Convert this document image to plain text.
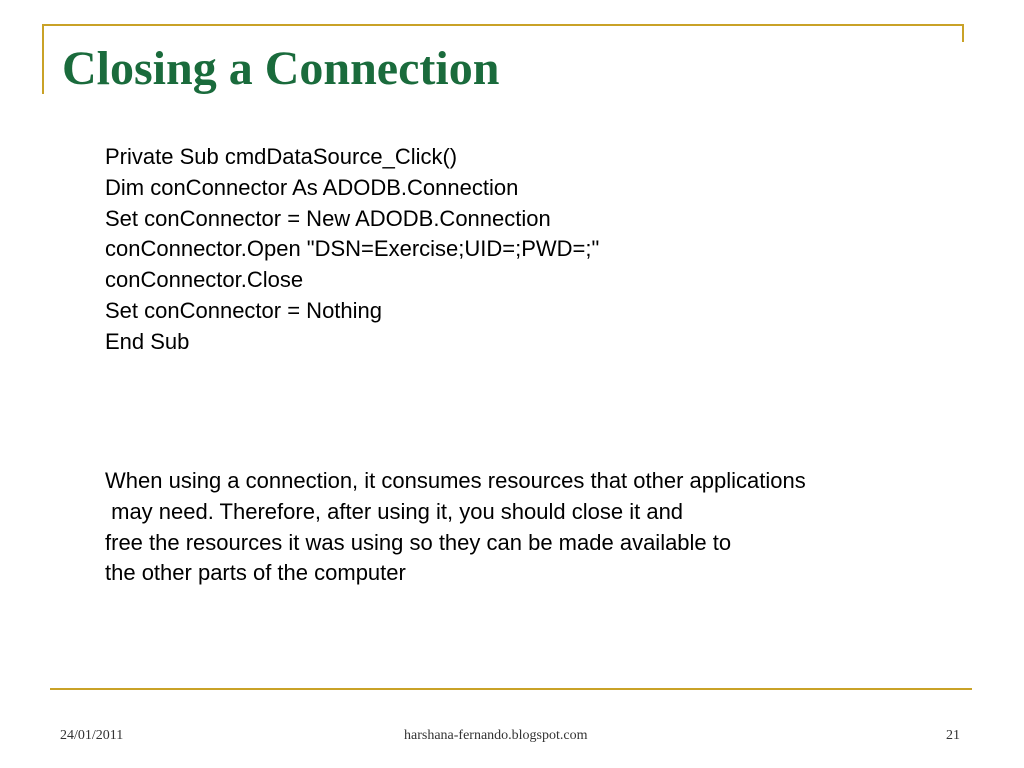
Closing a Connection
Private Sub cmdDataSource_Click()
Dim conConnector As ADODB.Connection
Set conConnector = New ADODB.Connection
conConnector.Open "DSN=Exercise;UID=;PWD=;"
conConnector.Close
Set conConnector = Nothing
End Sub
When using a connection, it consumes resources that other applications
may need. Therefore, after using it, you should close it and
free the resources it was using so they can be made available to
the other parts of the computer
24/01/2011	harshana-fernando.blogspot.com	21
